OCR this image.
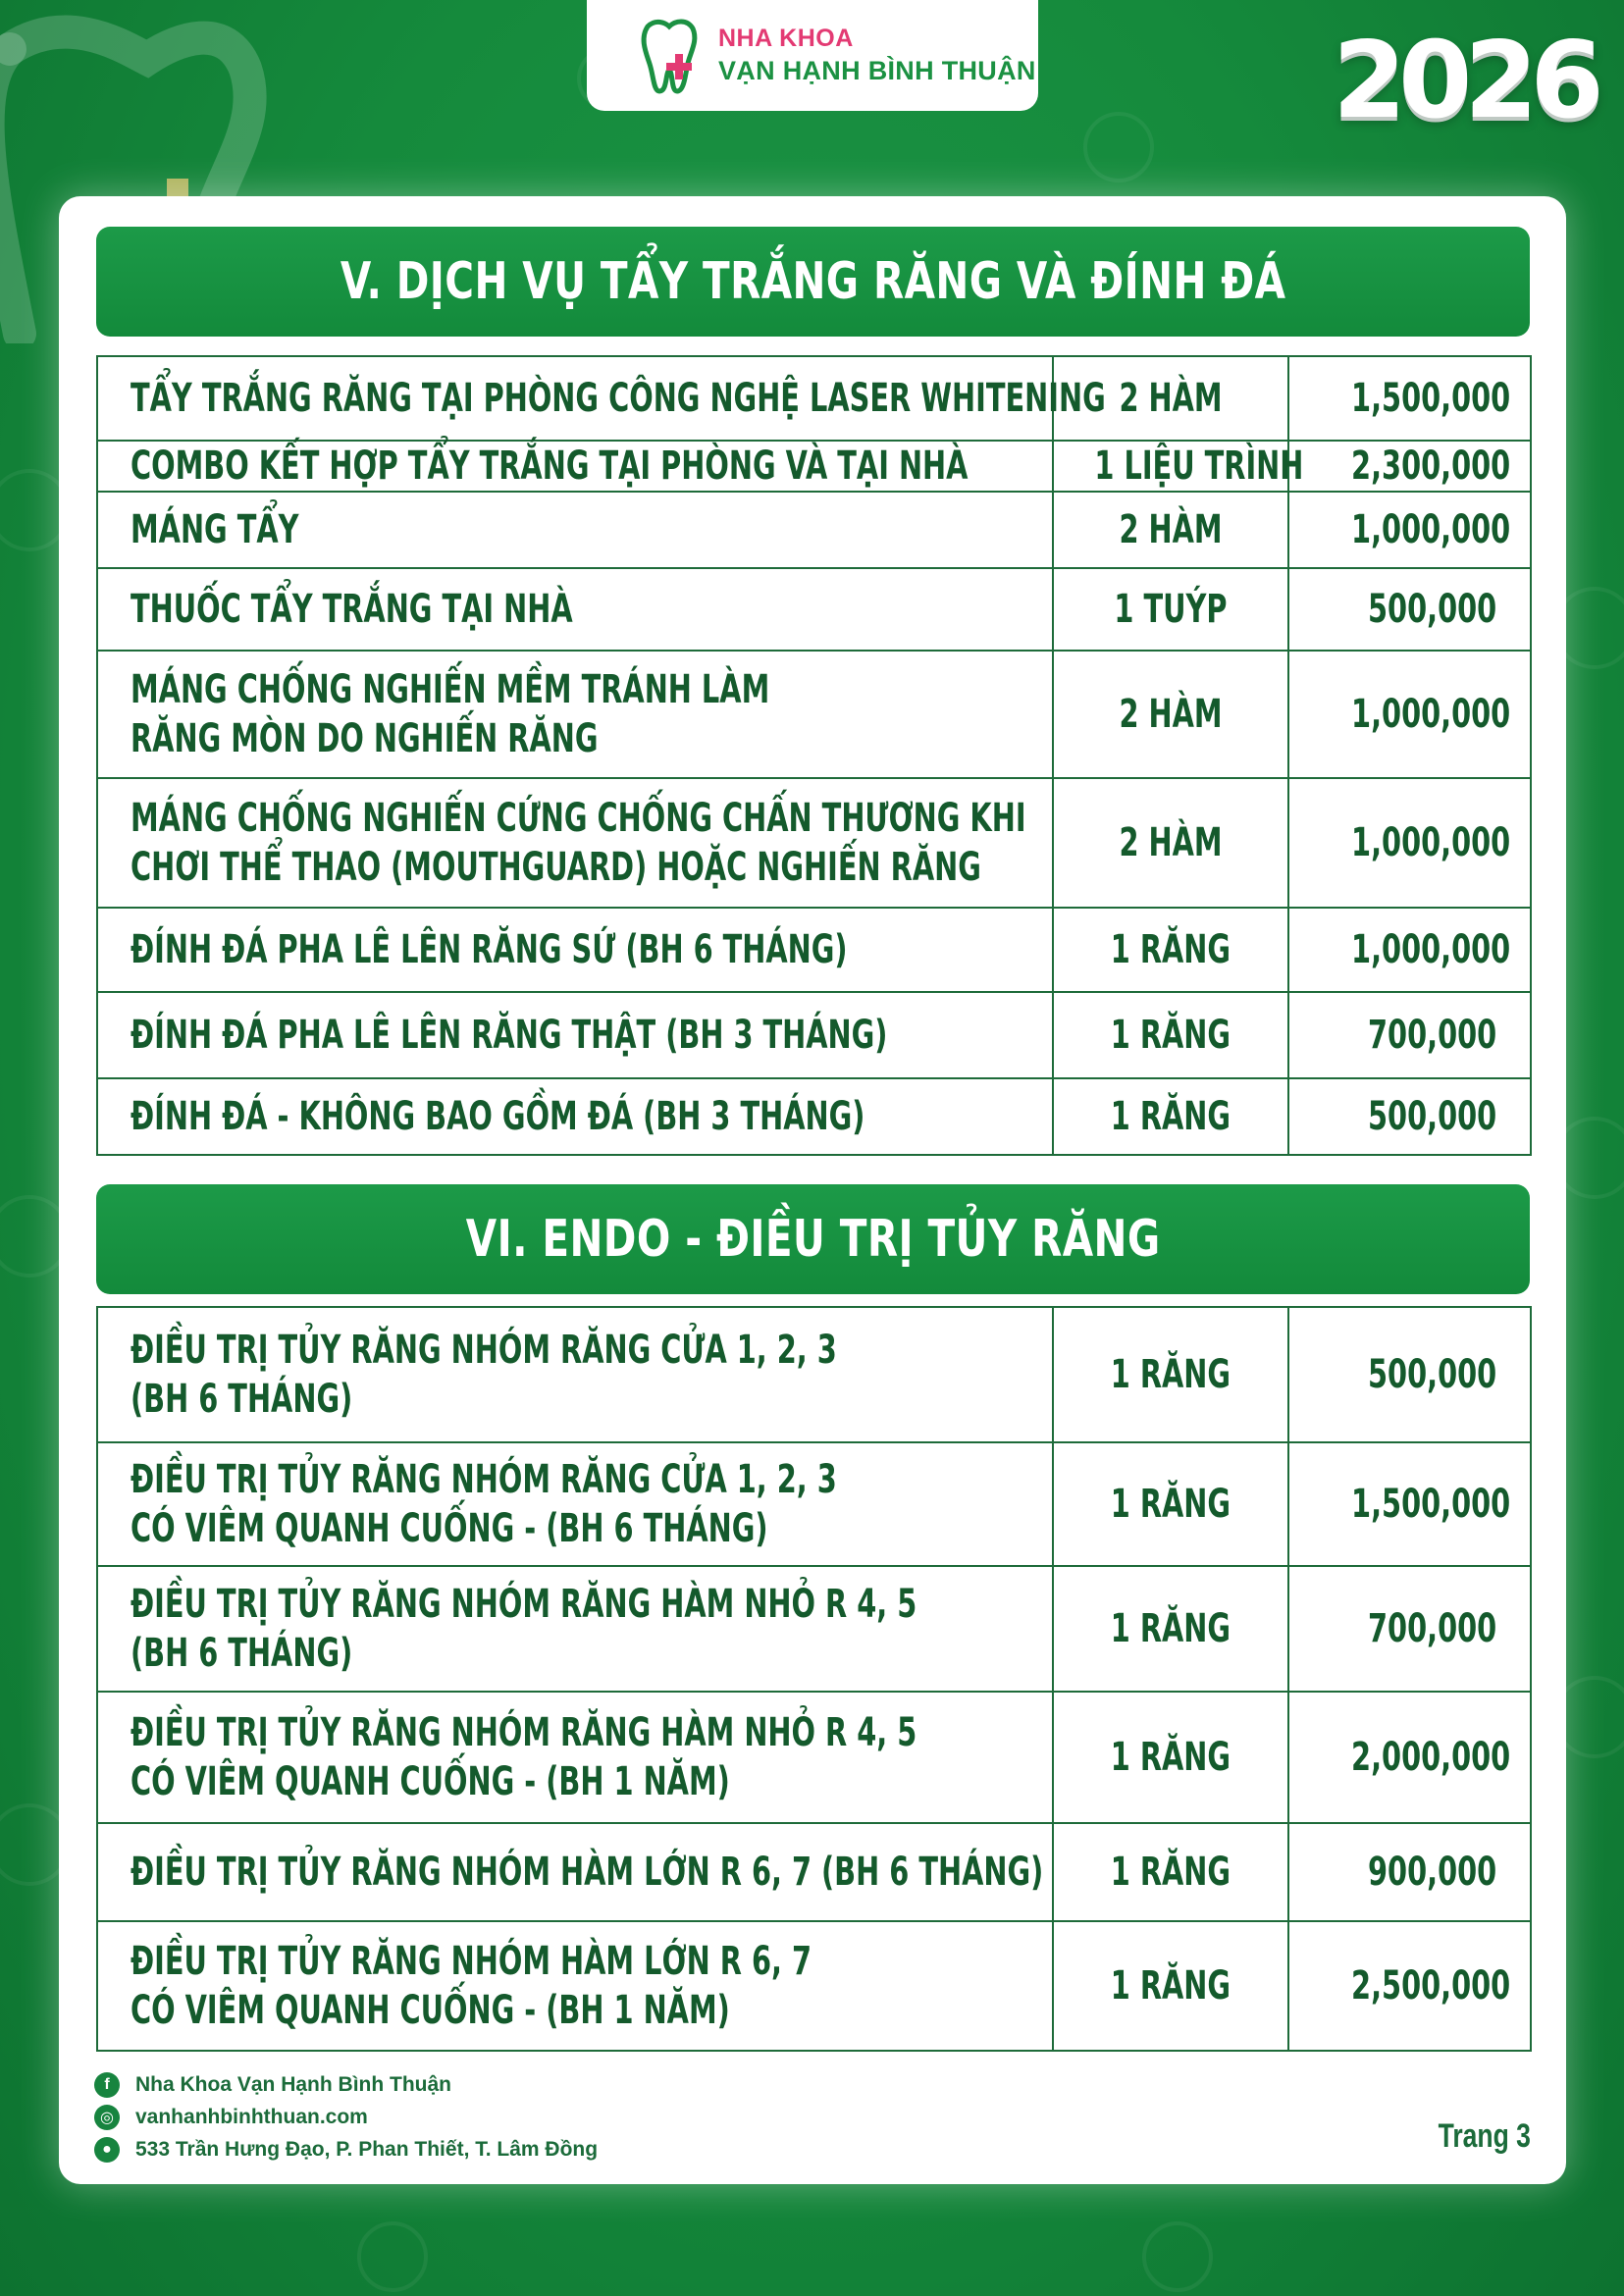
NHA KHOA
VẠN HẠNH BÌNH THUẬN	2026
V. DỊCH VỤ TẨY TRẮNG RĂNG VÀ ĐÍNH ĐÁ
TẨY TRẮNG RĂNG TẠI PHÒNG CÔNG NGHỆ LASER WHITENING	2 HÀM	1,500,000

COMBO KẾT HỢP TẨY TRẮNG TẠI PHÒNG VÀ TẠI NHÀ	1 LIỆU TRÌNH	2,300,000

MÁNG TẨY	2 HÀM	1,000,000

THUỐC TẨY TRẮNG TẠI NHÀ	1 TUÝP	500,000

MÁNG CHỐNG NGHIẾN MỀM TRÁNH LÀM
RĂNG MÒN DO NGHIẾN RĂNG	2 HÀM	1,000,000

MÁNG CHỐNG NGHIẾN CỨNG CHỐNG CHẤN THƯƠNG KHI
CHƠI THỂ THAO (MOUTHGUARD) HOẶC NGHIẾN RĂNG	2 HÀM	1,000,000

ĐÍNH ĐÁ PHA LÊ LÊN RĂNG SỨ (BH 6 THÁNG)	1 RĂNG	1,000,000

ĐÍNH ĐÁ PHA LÊ LÊN RĂNG THẬT (BH 3 THÁNG)	1 RĂNG	700,000

ĐÍNH ĐÁ - KHÔNG BAO GỒM ĐÁ (BH 3 THÁNG)	1 RĂNG	500,000
VI. ENDO - ĐIỀU TRỊ TỦY RĂNG
ĐIỀU TRỊ TỦY RĂNG NHÓM RĂNG CỬA 1, 2, 3
(BH 6 THÁNG)	1 RĂNG	500,000

ĐIỀU TRỊ TỦY RĂNG NHÓM RĂNG CỬA 1, 2, 3
CÓ VIÊM QUANH CUỐNG - (BH 6 THÁNG)	1 RĂNG	1,500,000

ĐIỀU TRỊ TỦY RĂNG NHÓM RĂNG HÀM NHỎ R 4, 5
(BH 6 THÁNG)	1 RĂNG	700,000

ĐIỀU TRỊ TỦY RĂNG NHÓM RĂNG HÀM NHỎ R 4, 5
CÓ VIÊM QUANH CUỐNG - (BH 1 NĂM)	1 RĂNG	2,000,000

ĐIỀU TRỊ TỦY RĂNG NHÓM HÀM LỚN R 6, 7 (BH 6 THÁNG)	1 RĂNG	900,000

ĐIỀU TRỊ TỦY RĂNG NHÓM HÀM LỚN R 6, 7
CÓ VIÊM QUANH CUỐNG - (BH 1 NĂM)	1 RĂNG	2,500,000
f	Nha Khoa Vạn Hạnh Bình Thuận
◎ vanhanhbinhthuan.com
●	533 Trần Hưng Đạo, P. Phan Thiết, T. Lâm Đồng	Trang 3
